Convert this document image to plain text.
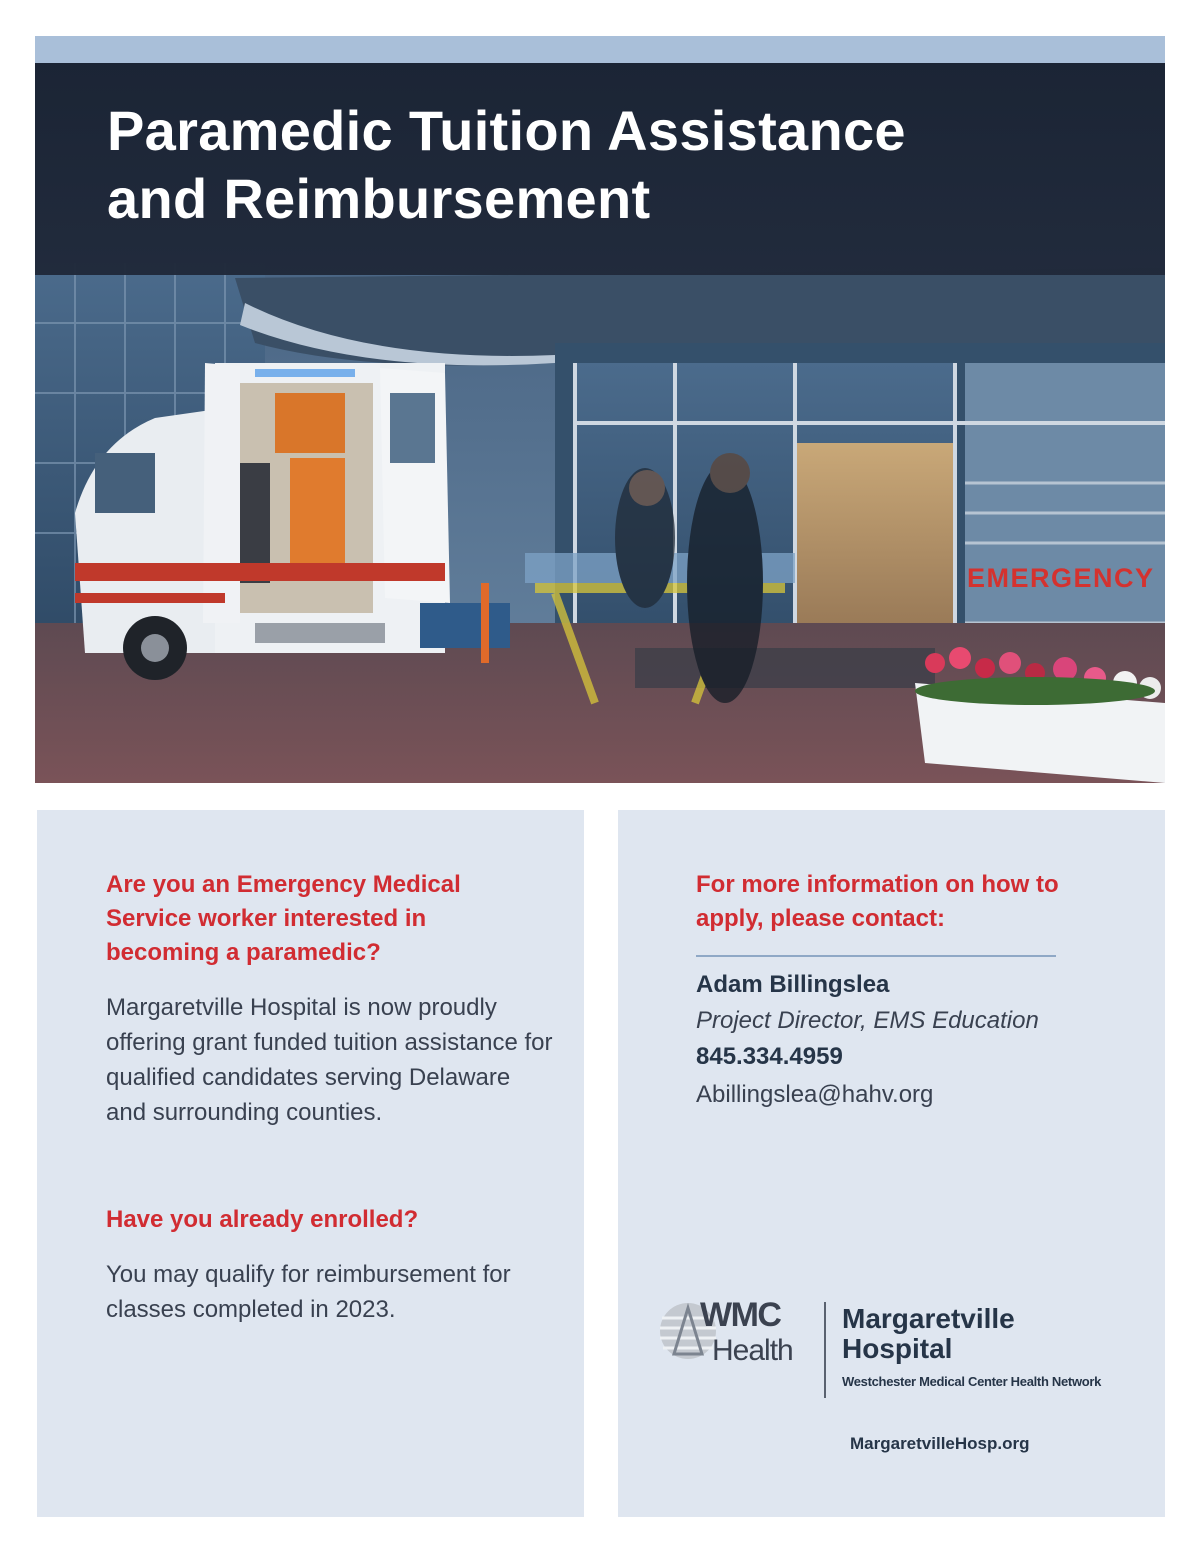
Paramedic Tuition Assistance
and Reimbursement
EMERGENCY
Are you an Emergency Medical Service worker interested in becoming a paramedic?
Margaretville Hospital is now proudly offering grant funded tuition assistance for qualified candidates serving Delaware and surrounding counties.
Have you already enrolled?
You may qualify for reimbursement for classes completed in 2023.
For more information on how to apply, please contact:
Adam Billingslea
Project Director, EMS Education
845.334.4959
Abillingslea@hahv.org
WMC
Health
Margaretville
Hospital
Westchester Medical Center Health Network
MargaretvilleHosp.org
